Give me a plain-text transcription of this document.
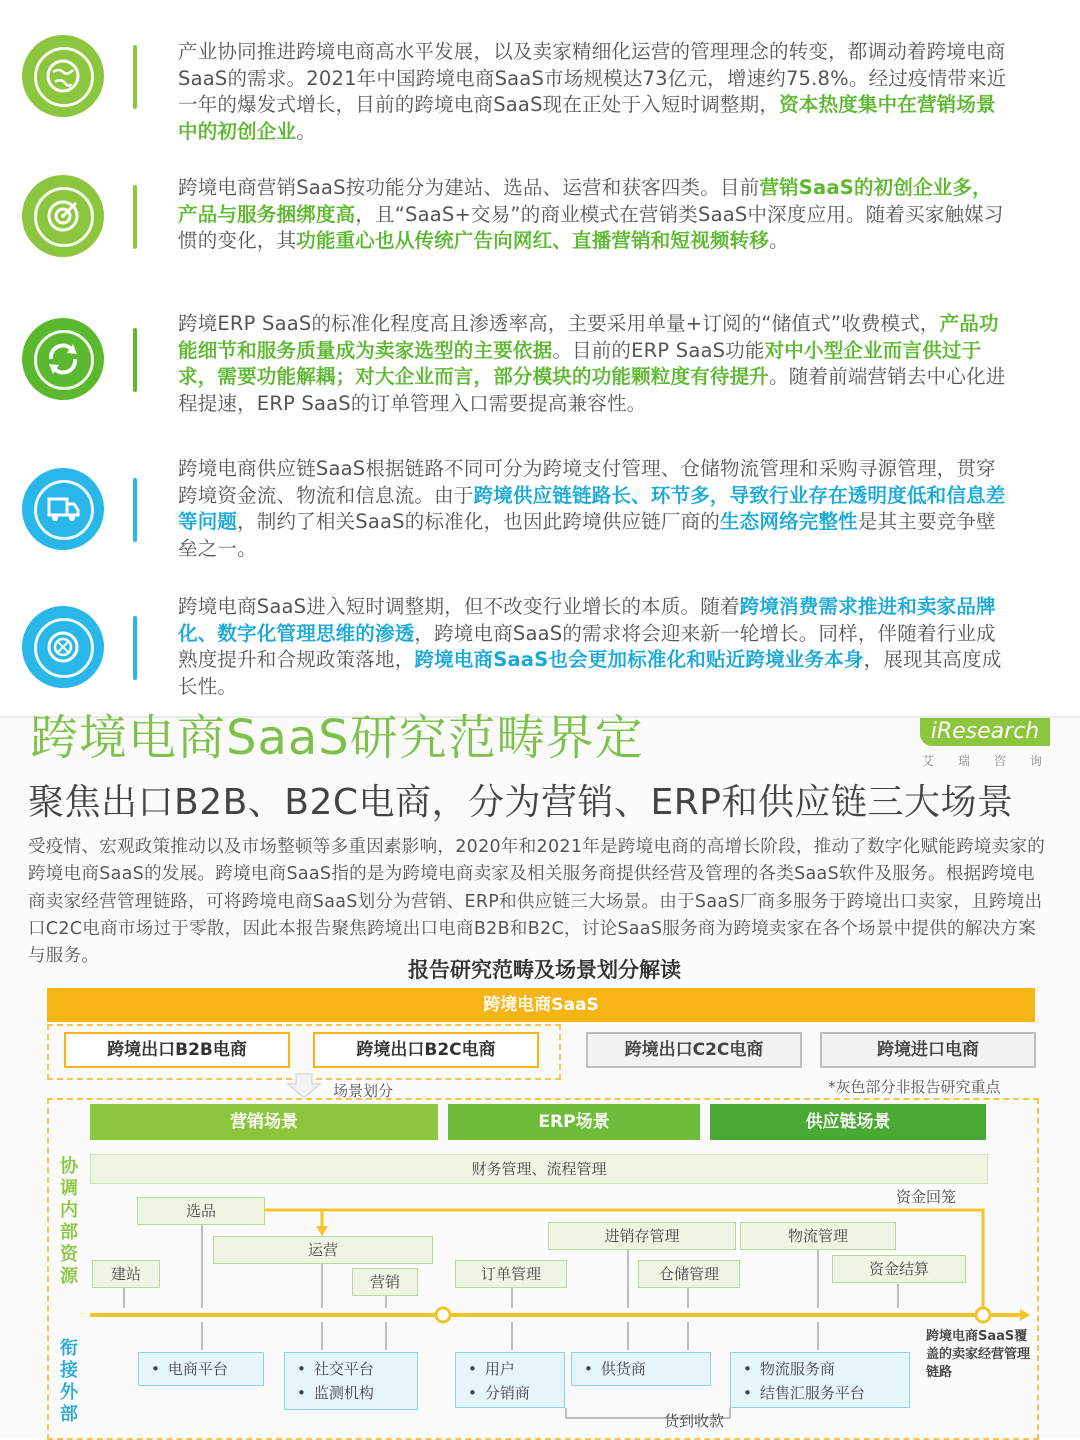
产业协同推进跨境电商高水平发展，以及卖家精细化运营的管理理念的转变，都调动着跨境电商SaaS的需求。2021年中国跨境电商SaaS市场规模达73亿元，增速约75.8%。经过疫情带来近一年的爆发式增长，目前的跨境电商SaaS现在正处于入短时调整期，资本热度集中在营销场景中的初创企业。
跨境电商营销SaaS按功能分为建站、选品、运营和获客四类。目前营销SaaS的初创企业多，产品与服务捆绑度高，且“SaaS+交易”的商业模式在营销类SaaS中深度应用。随着买家触媒习惯的变化，其功能重心也从传统广告向网红、直播营销和短视频转移。
跨境ERP SaaS的标准化程度高且渗透率高，主要采用单量+订阅的“储值式”收费模式，产品功能细节和服务质量成为卖家选型的主要依据。目前的ERP SaaS功能对中小型企业而言供过于求，需要功能解耦；对大企业而言，部分模块的功能颗粒度有待提升。随着前端营销去中心化进程提速，ERP SaaS的订单管理入口需要提高兼容性。
跨境电商供应链SaaS根据链路不同可分为跨境支付管理、仓储物流管理和采购寻源管理，贯穿跨境资金流、物流和信息流。由于跨境供应链链路长、环节多，导致行业存在透明度低和信息差等问题，制约了相关SaaS的标准化，也因此跨境供应链厂商的生态网络完整性是其主要竞争壁垒之一。
跨境电商SaaS进入短时调整期，但不改变行业增长的本质。随着跨境消费需求推进和卖家品牌化、数字化管理思维的渗透，跨境电商SaaS的需求将会迎来新一轮增长。同样，伴随着行业成熟度提升和合规政策落地，跨境电商SaaS也会更加标准化和贴近跨境业务本身，展现其高度成长性。
跨境电商SaaS研究范畴界定	iResearch
艾瑞咨询
聚焦出口B2B、B2C电商，分为营销、ERP和供应链三大场景
受疫情、宏观政策推动以及市场整顿等多重因素影响，2020年和2021年是跨境电商的高增长阶段，推动了数字化赋能跨境卖家的跨境电商SaaS的发展。跨境电商SaaS指的是为跨境电商卖家及相关服务商提供经营及管理的各类SaaS软件及服务。根据跨境电商卖家经营管理链路，可将跨境电商SaaS划分为营销、ERP和供应链三大场景。由于SaaS厂商多服务于跨境出口卖家，且跨境出口C2C电商市场过于零散，因此本报告聚焦跨境出口电商B2B和B2C，讨论SaaS服务商为跨境卖家在各个场景中提供的解决方案与服务。
报告研究范畴及场景划分解读
跨境电商SaaS
跨境出口B2B电商	跨境出口B2C电商	跨境出口C2C电商	跨境进口电商
场景划分	*灰色部分非报告研究重点
营销场景	ERP场景	供应链场景
财务管理、流程管理
协
调
内
部
资
源
衔
接
外
部
资金回笼
选品
运营
建站	营销
进销存管理
订单管理	仓储管理
物流管理
资金结算
• 电商平台	• 社交平台
• 监测机构
• 用户
• 分销商
• 供货商	• 物流服务商
• 结售汇服务平台
货到收款
跨境电商SaaS覆盖的卖家经营管理链路
